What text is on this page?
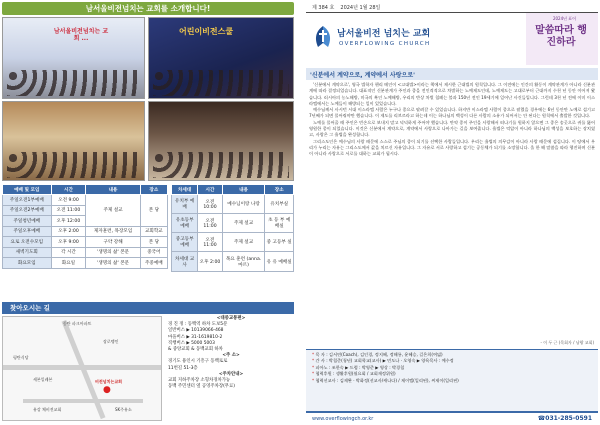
남서울비전넘치는 교회를 소개합니다!
남서울비전넘치는 교회 ...
어린이비전스쿨
예배 및 모임	시간	내용	장소
주일오전1부예배	오전 9:00	주제 설교	본 당
주일오전2부예배	오전 11:00		
주일청년예배	오후 12:00		
주일오후예배	오후 2:00	제자훈련, 목장모임	교회학교
요로 오전수모임	오후 9:00	구약 강해	본 당
새벽기도회	각 시간	'생명의 삶' 본문	중국어
화요모임	화요일	'생명의 삶' 본문	주중예배
차세대	시간	내용	장소
유치부 예배	오전 10:00	예수님이랑 나랑	유치부실
유초등부 예배	오전 11:00	주제 설교	초 등 부 예배실
중고등부 예배	오전 11:00	주제 설교	중 고등부 실
차세대 교사	오후 2:00	목요 훈련 (anna.마르)	유 유 예배실
찾아오시는 길
동탄 파크아파트
장로맹인
평탄식당
세븐일레븐
유강 체비전교회
비전넘치는교회
SK주유소
●
<대중교통편>
경 진 정 : 동백역 하차 도보5분
일반버스 ▶ 10139066-468
마을버스 ▶ 31-1619810-2
직행버스 ▶ 5000 5003
& 중앙교회 & 동백교회 하차
<주 소>
경기도 용인시 기흥구 동백로로
11번길 51-3층
<주차안내>
교회 지하주차장 소형차경차가능
동백 주민센터 옆 공영주차장(무료)
제 384 호 2024년 1월 28일
남서울비전 넘치는 교회
OVERFLOWING CHURCH
2024년 표어
말씀따라 행진하라
'신분에서 계약으로, 계약에서 사랑으로'

'신분에서 계약으로', 영국 법학자 헨리 메인이 <고대법>이라는 책에서 제시한 근대법의 원칙입니다. 그 이전에는 인간의 활동이 계약관계가 아니라 신분관계에 따라 결정되었습니다. 대표적인 신분관계가 주인과 종을 전인격적으로 차별하는 노예제도인데, 노예제도는 고대로부터 근대까지 수천 년 동안 이어져 왔습니다. 러시아의 농노해방, 미국의 흑인 노예해방, 우리의 반상 차별 철폐는 불과 150년 전인 19세기에 일어난 사건들입니다. 그런데 3천 년 전에 이미 이스라엘에서는 노예들이 해방되는 일이 있었습니다.

예수님께서 사시던 시대 이스라엘 사람은 누구나 종으로 팔려갈 수 있었습니다. 하지만 이스라엘 사람이 종으로 팔렸을 경우에는 6년 동안만 노예로 섬기고 7년째가 되면 풀어줘야만 했습니다. 이 제도를 리브르라고 하는데 이는 하나님의 백성이 다른 사람의 소유가 되어서는 안 된다는 원칙에서 출발한 것입니다.

노예를 풀어줄 때 주인은 빈손으로 보내지 말고 넉넉하게 주어야 했습니다. 만약 종이 주인을 사랑해서 떠나기를 원하지 않으면 그 종은 송곳으로 귀를 뚫어 영원한 종이 되었습니다. 이것은 신분에서 계약으로, 계약에서 사랑으로 나아가는 길을 보여줍니다. 율법은 억압이 아니라 하나님의 백성을 보호하는 장치였고, 사랑은 그 율법을 완성합니다.

그리스도인은 예수님의 사랑 때문에 스스로 주님의 종이 되기를 선택한 사람들입니다. 우리는 율법의 의무감이 아니라 사랑 때문에 섬깁니다. 이 땅에서 우리가 누리는 자유는 그리스도께서 값을 치르신 자유입니다. 그 자유로 서로 사랑하고 섬기는 공동체가 되기를 소망합니다. 올 한 해 말씀을 따라 행진하며 신분이 아니라 사랑으로 서로를 대하는 교회가 됩시다.

- 이 두 근 (목회자 / 남왕 교회)
* 목 자 : 김서연(Coach), 김인경, 정지혜, 정해룡, 윤혜승, 길은희(여덟)
* 간 사 : 박철준(청년) 교회학교(교사) ▶ 민도나 · 오영숙 ▶ 양육목사 : 예수정
* 피아노 : 조한숙 ▶ 드럼 : 박영준 ▶ 영상 : 박경철
* 협력후원 : 생활후원(월요회 / 교회재정위원)
* 협력선교사 : 김제완 · 박화정(선교사/캐나다) / 제이엘(일리핀), 씨제이(일리핀)
www.overflowingch.or.kr	☎031-285-0591
